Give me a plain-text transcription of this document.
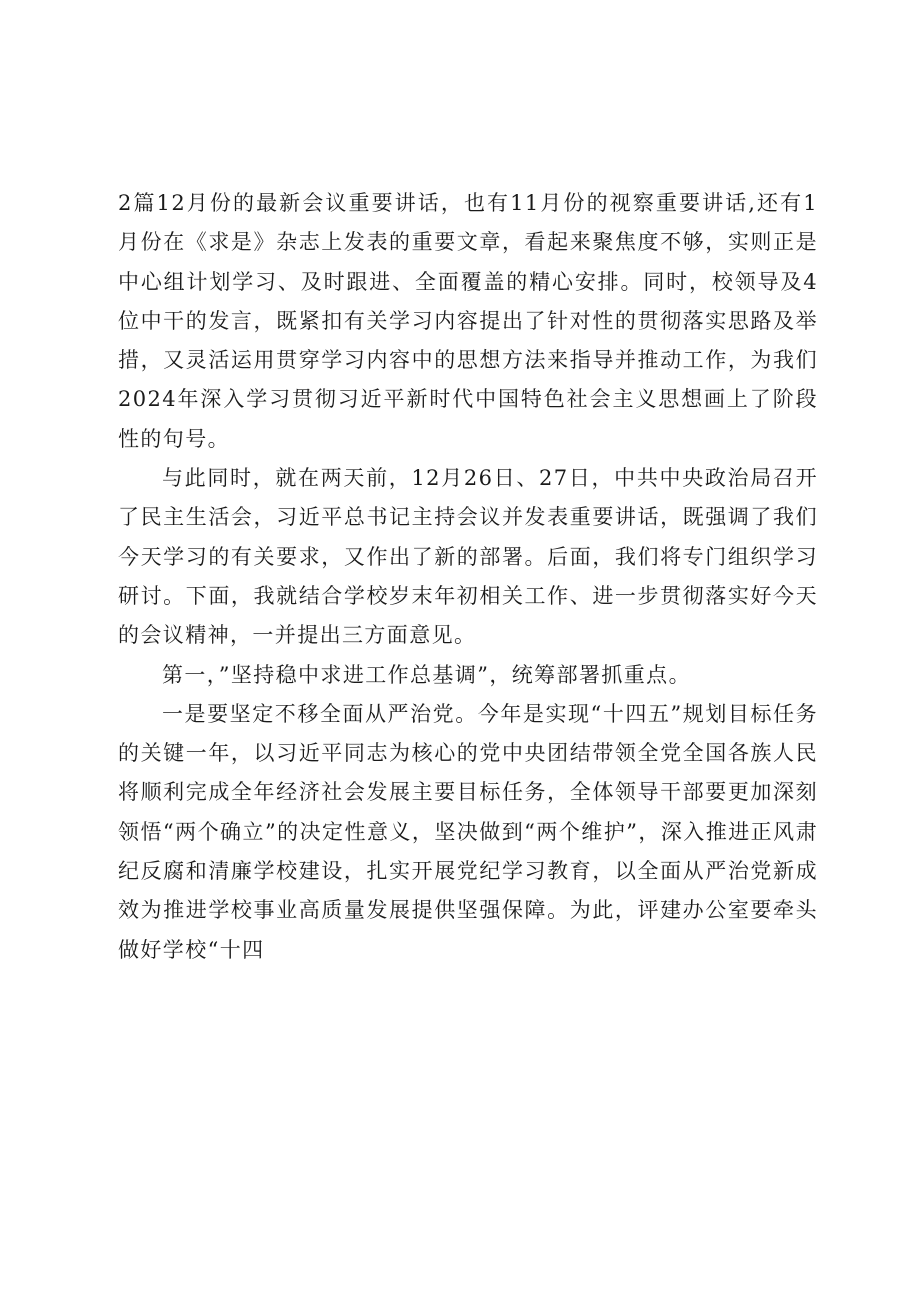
2篇12月份的最新会议重要讲话，也有11月份的视察重要讲话,还有1月份在《求是》杂志上发表的重要文章，看起来聚焦度不够，实则正是中心组计划学习、及时跟进、全面覆盖的精心安排。同时，校领导及4位中干的发言，既紧扣有关学习内容提出了针对性的贯彻落实思路及举措，又灵活运用贯穿学习内容中的思想方法来指导并推动工作，为我们2024年深入学习贯彻习近平新时代中国特色社会主义思想画上了阶段性的句号。

与此同时，就在两天前，12月26日、27日，中共中央政治局召开了民主生活会，习近平总书记主持会议并发表重要讲话，既强调了我们今天学习的有关要求，又作出了新的部署。后面，我们将专门组织学习研讨。下面，我就结合学校岁末年初相关工作、进一步贯彻落实好今天的会议精神，一并提出三方面意见。

第一，”坚持稳中求进工作总基调”，统筹部署抓重点。

一是要坚定不移全面从严治党。今年是实现“十四五”规划目标任务的关键一年，以习近平同志为核心的党中央团结带领全党全国各族人民将顺利完成全年经济社会发展主要目标任务，全体领导干部要更加深刻领悟“两个确立”的决定性意义，坚决做到“两个维护”，深入推进正风肃纪反腐和清廉学校建设，扎实开展党纪学习教育，以全面从严治党新成效为推进学校事业高质量发展提供坚强保障。为此，评建办公室要牵头做好学校“十四
